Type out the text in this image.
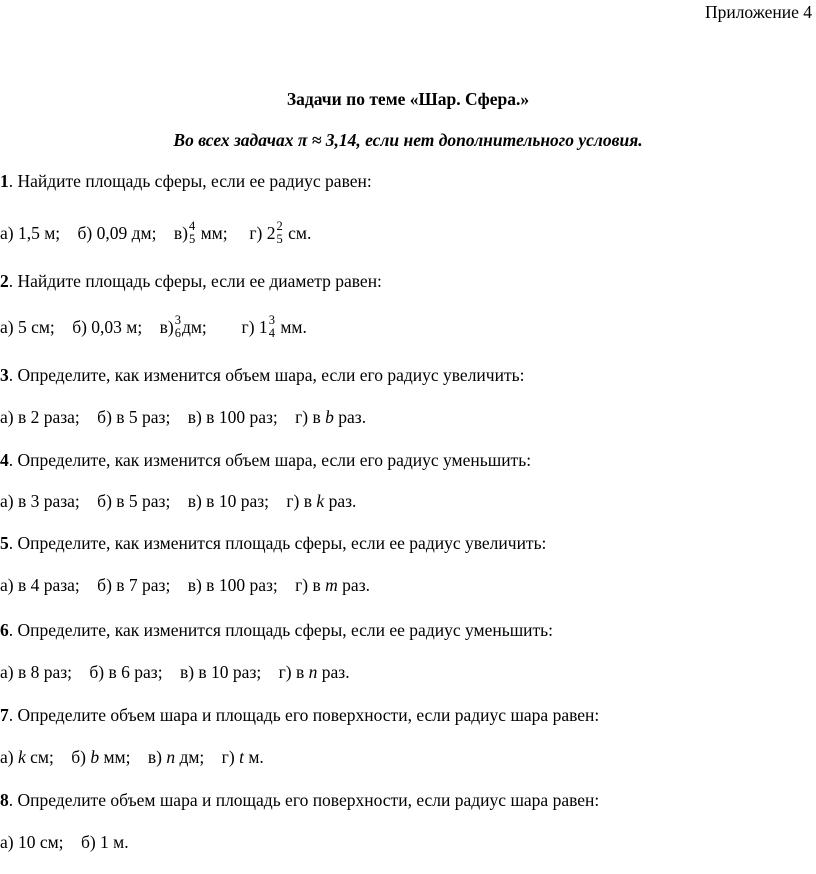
Приложение 4
Задачи по теме «Шар. Сфера.»
Во всех задачах π ≈ 3,14, если нет дополнительного условия.
1. Найдите площадь сферы, если ее радиус равен:
а) 1,5 м; б) 0,09 дм; в) 4
5 мм; г) 2 2
5 см.
2. Найдите площадь сферы, если ее диаметр равен:
а) 5 см; б) 0,03 м; в) 3
6 дм; г) 1 3
4 мм.
3. Определите, как изменится объем шара, если его радиус увеличить:
а) в 2 раза; б) в 5 раз; в) в 100 раз; г) в b раз.
4. Определите, как изменится объем шара, если его радиус уменьшить:
а) в 3 раза; б) в 5 раз; в) в 10 раз; г) в k раз.
5. Определите, как изменится площадь сферы, если ее радиус увеличить:
а) в 4 раза; б) в 7 раз; в) в 100 раз; г) в m раз.
6. Определите, как изменится площадь сферы, если ее радиус уменьшить:
а) в 8 раз; б) в 6 раз; в) в 10 раз; г) в n раз.
7. Определите объем шара и площадь его поверхности, если радиус шара равен:
а) k см; б) b мм; в) n дм; г) t м.
8. Определите объем шара и площадь его поверхности, если радиус шара равен:
а) 10 см; б) 1 м.
